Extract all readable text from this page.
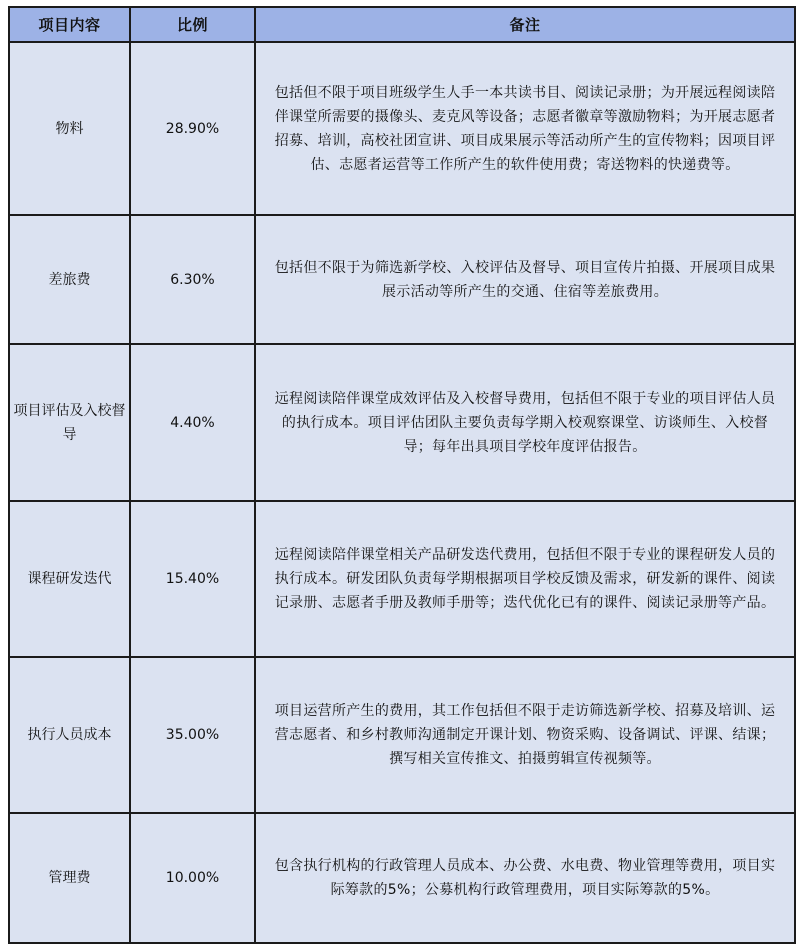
项目内容	比例	备注
物料	28.90%	包括但不限于项目班级学生人手一本共读书目、阅读记录册；为开展远程阅读陪伴课堂所需要的摄像头、麦克风等设备；志愿者徽章等激励物料；为开展志愿者招募、培训，高校社团宣讲、项目成果展示等活动所产生的宣传物料；因项目评估、志愿者运营等工作所产生的软件使用费；寄送物料的快递费等。
差旅费	6.30%	包括但不限于为筛选新学校、入校评估及督导、项目宣传片拍摄、开展项目成果展示活动等所产生的交通、住宿等差旅费用。
项目评估及入校督导	4.40%	远程阅读陪伴课堂成效评估及入校督导费用，包括但不限于专业的项目评估人员的执行成本。项目评估团队主要负责每学期入校观察课堂、访谈师生、入校督导；每年出具项目学校年度评估报告。
课程研发迭代	15.40%	远程阅读陪伴课堂相关产品研发迭代费用，包括但不限于专业的课程研发人员的执行成本。研发团队负责每学期根据项目学校反馈及需求，研发新的课件、阅读记录册、志愿者手册及教师手册等；迭代优化已有的课件、阅读记录册等产品。
执行人员成本	35.00%	项目运营所产生的费用，其工作包括但不限于走访筛选新学校、招募及培训、运营志愿者、和乡村教师沟通制定开课计划、物资采购、设备调试、评课、结课；撰写相关宣传推文、拍摄剪辑宣传视频等。
管理费	10.00%	包含执行机构的行政管理人员成本、办公费、水电费、物业管理等费用，项目实际筹款的5%；公募机构行政管理费用，项目实际筹款的5%。
